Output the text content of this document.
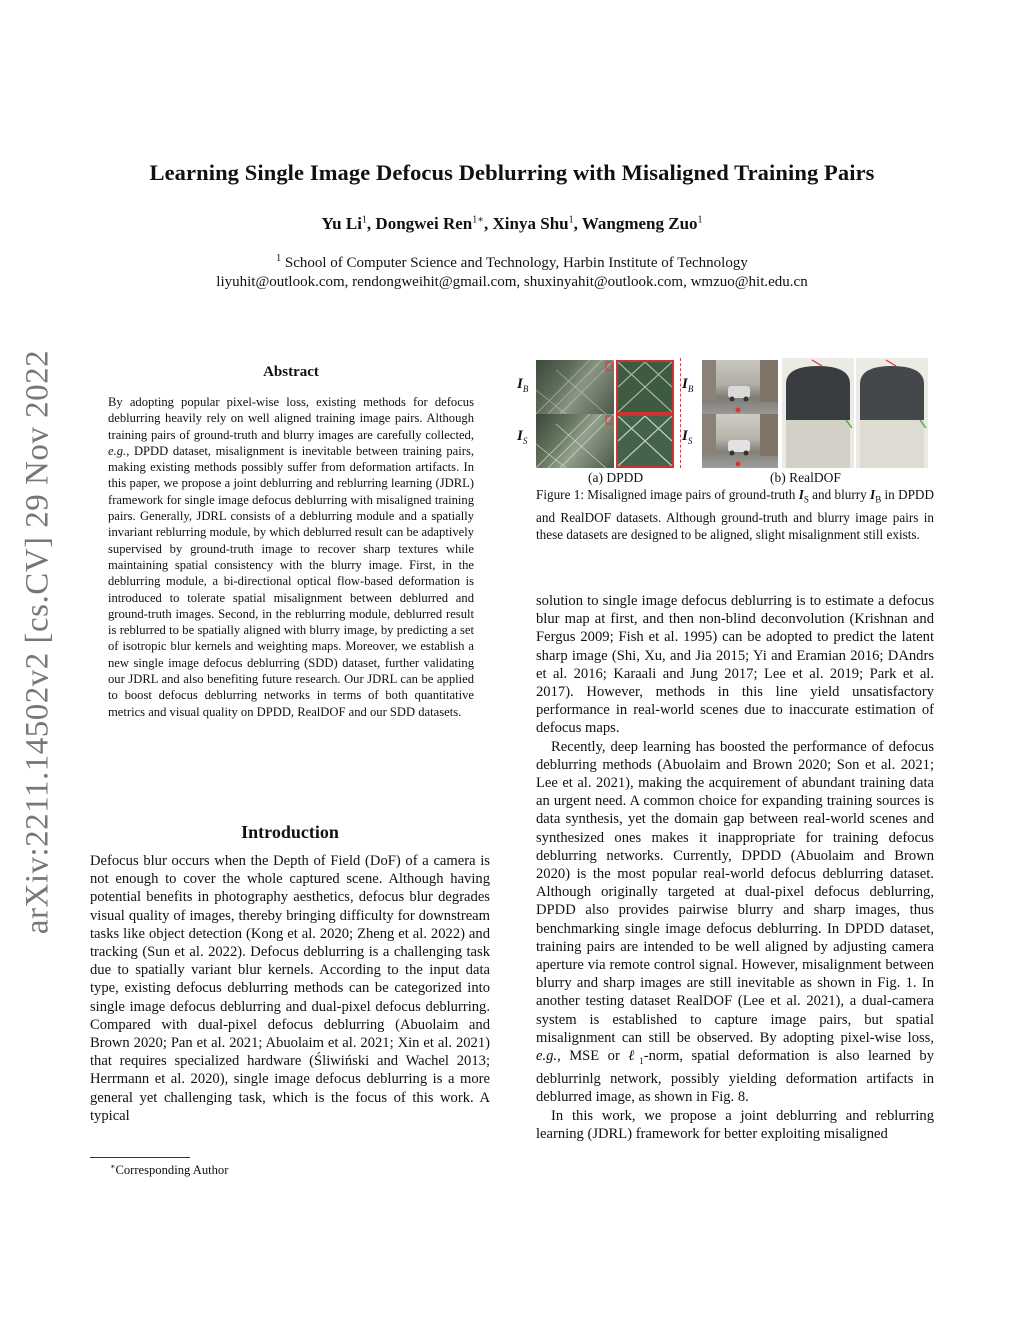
arXiv:2211.14502v2 [cs.CV] 29 Nov 2022
Learning Single Image Defocus Deblurring with Misaligned Training Pairs
Yu Li$^1$, Dongwei Ren$^{1∗}$, Xinya Shu$^1$, Wangmeng Zuo$^1$
$^1$ School of Computer Science and Technology, Harbin Institute of Technology
liyuhit@outlook.com, rendongweihit@gmail.com, shuxinyahit@outlook.com, wmzuo@hit.edu.cn
Abstract
By adopting popular pixel-wise loss, existing methods for defocus deblurring heavily rely on well aligned training image pairs. Although training pairs of ground-truth and blurry images are carefully collected, e.g., DPDD dataset, misalignment is inevitable between training pairs, making existing methods possibly suffer from deformation artifacts. In this paper, we propose a joint deblurring and reblurring learning (JDRL) framework for single image defocus deblurring with misaligned training pairs. Generally, JDRL consists of a deblurring module and a spatially invariant reblurring module, by which deblurred result can be adaptively supervised by ground-truth image to recover sharp textures while maintaining spatial consistency with the blurry image. First, in the deblurring module, a bi-directional optical flow-based deformation is introduced to tolerate spatial misalignment between deblurred and ground-truth images. Second, in the reblurring module, deblurred result is reblurred to be spatially aligned with blurry image, by predicting a set of isotropic blur kernels and weighting maps. Moreover, we establish a new single image defocus deblurring (SDD) dataset, further validating our JDRL and also benefiting future research. Our JDRL can be applied to boost defocus deblurring networks in terms of both quantitative metrics and visual quality on DPDD, RealDOF and our SDD datasets.
Introduction

Defocus blur occurs when the Depth of Field (DoF) of a camera is not enough to cover the whole captured scene. Although having potential benefits in photography aesthetics, defocus blur degrades visual quality of images, thereby bringing difficulty for downstream tasks like object detection (Kong et al. 2020; Zheng et al. 2022) and tracking (Sun et al. 2022). Defocus deblurring is a challenging task due to spatially variant blur kernels. According to the input data type, existing defocus deblurring methods can be categorized into single image defocus deblurring and dual-pixel defocus deblurring. Compared with dual-pixel defocus deblurring (Abuolaim and Brown 2020; Pan et al. 2021; Abuolaim et al. 2021; Xin et al. 2021) that requires specialized hardware (Śliwiński and Wachel 2013; Herrmann et al. 2020), single image defocus deblurring is a more general yet challenging task, which is the focus of this work. A typical

∗Corresponding Author
$I_B$
$I_S$
$I_B$
$I_S$
(a) DPDD	(b) RealDOF
Figure 1: Misaligned image pairs of ground-truth $I_S$ and blurry $I_B$ in DPDD and RealDOF datasets. Although ground-truth and blurry image pairs in these datasets are designed to be aligned, slight misalignment still exists.

solution to single image defocus deblurring is to estimate a defocus blur map at first, and then non-blind deconvolution (Krishnan and Fergus 2009; Fish et al. 1995) can be adopted to predict the latent sharp image (Shi, Xu, and Jia 2015; Yi and Eramian 2016; DAndrs et al. 2016; Karaali and Jung 2017; Lee et al. 2019; Park et al. 2017). However, methods in this line yield unsatisfactory performance in real-world scenes due to inaccurate estimation of defocus maps.

Recently, deep learning has boosted the performance of defocus deblurring methods (Abuolaim and Brown 2020; Son et al. 2021; Lee et al. 2021), making the acquirement of abundant training data an urgent need. A common choice for expanding training sources is data synthesis, yet the domain gap between real-world scenes and synthesized ones makes it inappropriate for training defocus deblurring networks. Currently, DPDD (Abuolaim and Brown 2020) is the most popular real-world defocus deblurring dataset. Although originally targeted at dual-pixel defocus deblurring, DPDD also provides pairwise blurry and sharp images, thus benchmarking single image defocus deblurring. In DPDD dataset, training pairs are intended to be well aligned by adjusting camera aperture via remote control signal. However, misalignment between blurry and sharp images are still inevitable as shown in Fig. 1. In another testing dataset RealDOF (Lee et al. 2021), a dual-camera system is established to capture image pairs, but spatial misalignment can still be observed. By adopting pixel-wise loss, e.g., MSE or ℓ$_1$-norm, spatial deformation is also learned by deblurrinlg network, possibly yielding deformation artifacts in deblurred image, as shown in Fig. 8.

In this work, we propose a joint deblurring and reblurring learning (JDRL) framework for better exploiting misaligned
